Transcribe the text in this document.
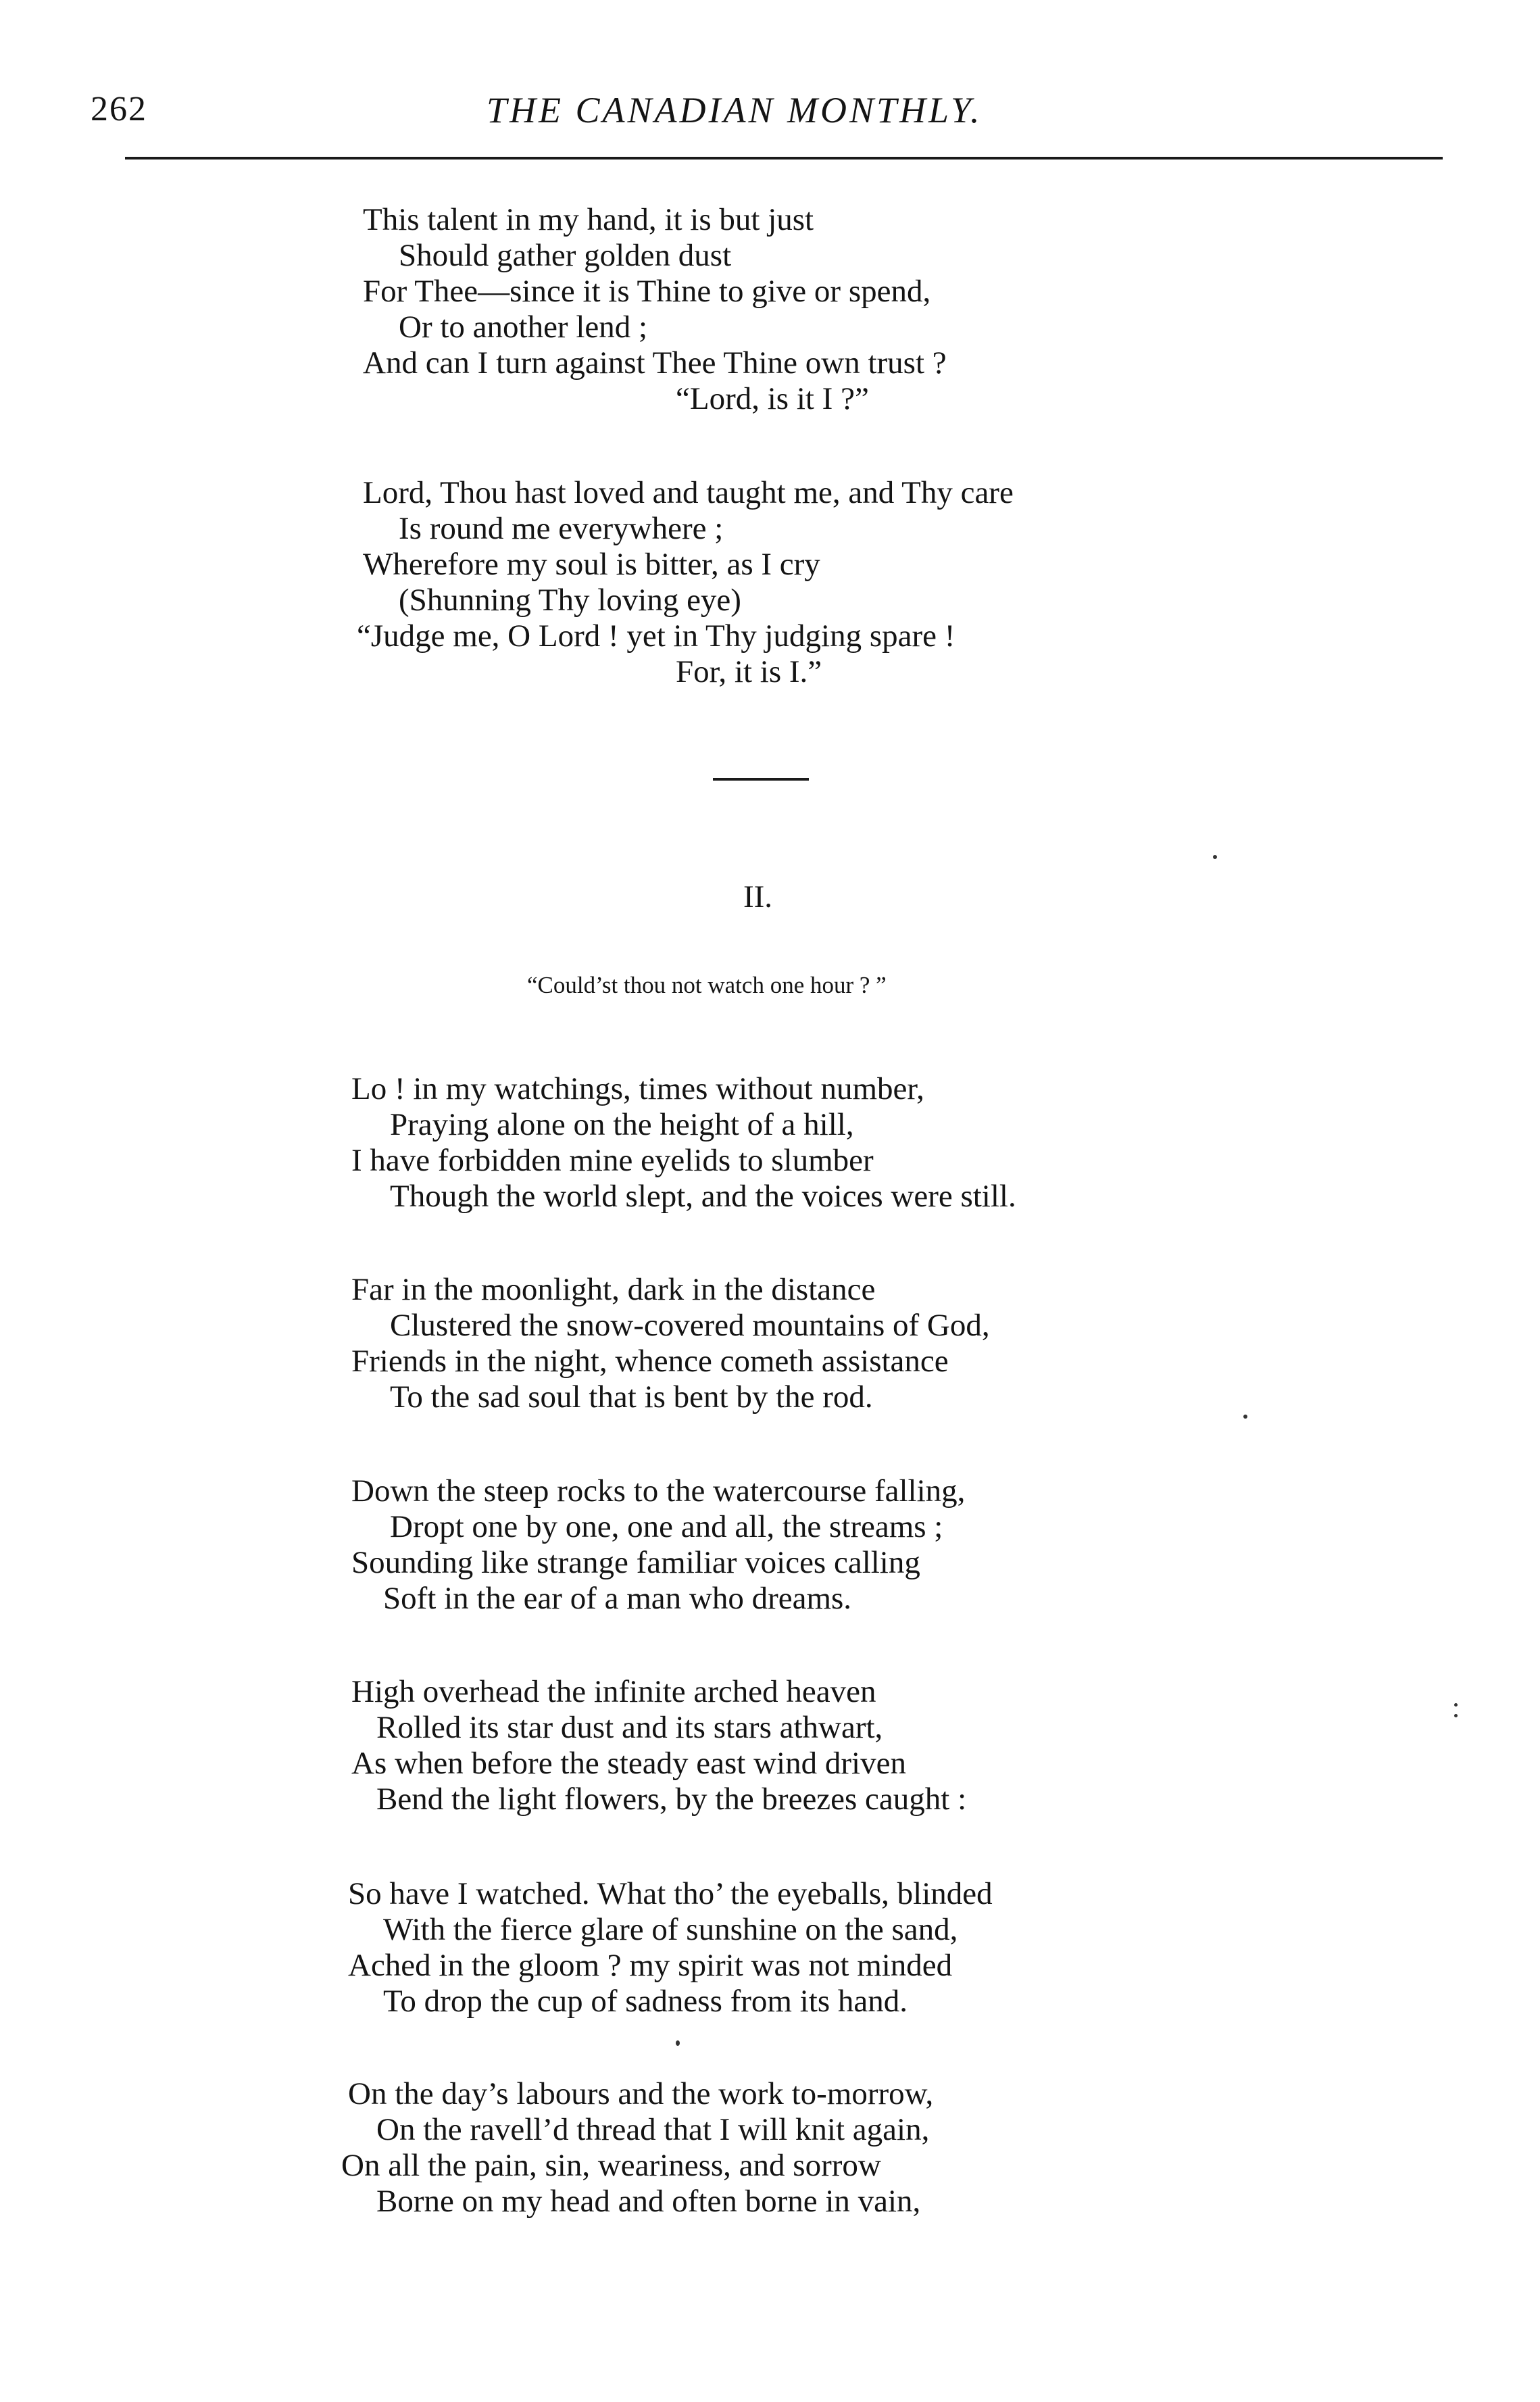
262	THE CANADIAN MONTHLY.
This talent in my hand, it is but just
Should gather golden dust
For Thee—since it is Thine to give or spend,
Or to another lend ;
And can I turn against Thee Thine own trust ?
“Lord, is it I ?”
Lord, Thou hast loved and taught me, and Thy care
Is round me everywhere ;
Wherefore my soul is bitter, as I cry
(Shunning Thy loving eye)
“Judge me, O Lord ! yet in Thy judging spare !
For, it is I.”
II.
“Could’st thou not watch one hour ? ”
Lo ! in my watchings, times without number,
Praying alone on the height of a hill,
I have forbidden mine eyelids to slumber
Though the world slept, and the voices were still.
Far in the moonlight, dark in the distance
Clustered the snow-covered mountains of God,
Friends in the night, whence cometh assistance
To the sad soul that is bent by the rod.
Down the steep rocks to the watercourse falling,
Dropt one by one, one and all, the streams ;
Sounding like strange familiar voices calling
Soft in the ear of a man who dreams.
High overhead the infinite arched heaven
Rolled its star dust and its stars athwart,
As when before the steady east wind driven
Bend the light flowers, by the breezes caught :
So have I watched. What tho’ the eyeballs, blinded
With the fierce glare of sunshine on the sand,
Ached in the gloom ? my spirit was not minded
To drop the cup of sadness from its hand.
On the day’s labours and the work to-morrow,
On the ravell’d thread that I will knit again,
On all the pain, sin, weariness, and sorrow
Borne on my head and often borne in vain,
